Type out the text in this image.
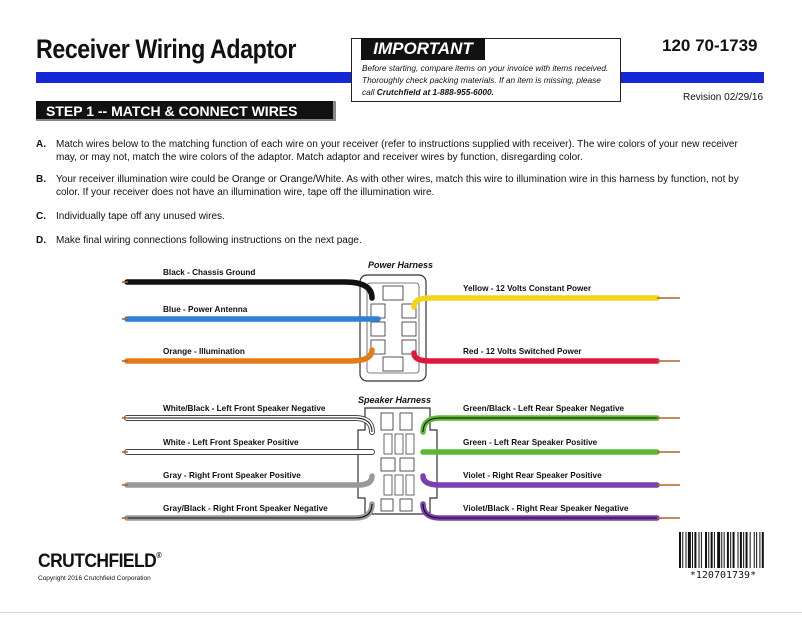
Receiver Wiring Adaptor	IMPORTANT
Before starting, compare items on your invoice with items received. Thoroughly check packing materials. If an item is missing, please call Crutchfield at 1-888-955-6000.
120 70-1739
Revision 02/29/16
STEP 1 -- MATCH & CONNECT WIRES
A. Match wires below to the matching function of each wire on your receiver (refer to instructions supplied with receiver). The wire colors of your new receiver may, or may not, match the wire colors of the adaptor. Match adaptor and receiver wires by function, disregarding color.
B. Your receiver illumination wire could be Orange or Orange/White. As with other wires, match this wire to illumination wire in this harness by function, not by color. If your receiver does not have an illumination wire, tape off the illumination wire.
C. Individually tape off any unused wires.
D. Make final wiring connections following instructions on the next page.
Power Harness
Black - Chassis Ground
Blue - Power Antenna
Orange - Illumination
Yellow - 12 Volts Constant Power
Red - 12 Volts Switched Power
Speaker Harness
White/Black - Left Front Speaker Negative
White - Left Front Speaker Positive
Gray - Right Front Speaker Positive
Gray/Black - Right Front Speaker Negative
Green/Black - Left Rear Speaker Negative
Green - Left Rear Speaker Positive
Violet - Right Rear Speaker Positive
Violet/Black - Right Rear Speaker Negative
CRUTCHFIELD®
Copyright 2016 Crutchfield Corporation	*120701739*
